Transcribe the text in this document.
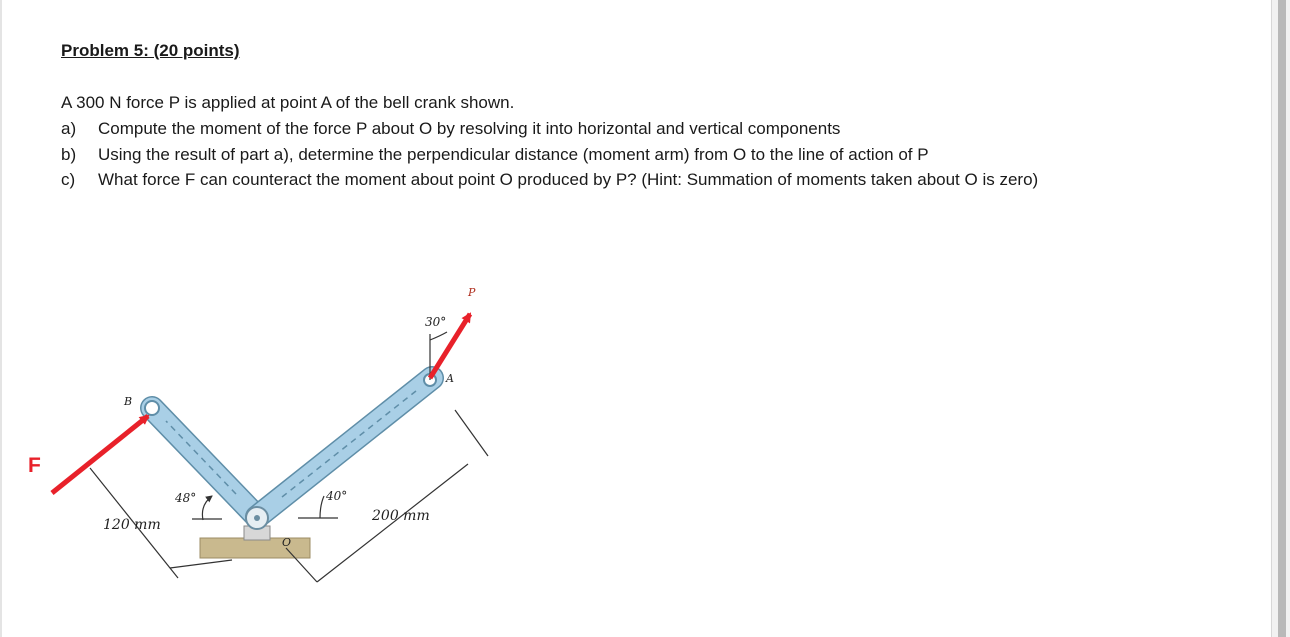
Problem 5: (20 points)
A 300 N force P is applied at point A of the bell crank shown.
a) Compute the moment of the force P about O by resolving it into horizontal and vertical components
b) Using the result of part a), determine the perpendicular distance (moment arm) from O to the line of action of P
c) What force F can counteract the moment about point O produced by P? (Hint: Summation of moments taken about O is zero)
F
B
A
O
P
48°	40°
30°
120 mm
200 mm
